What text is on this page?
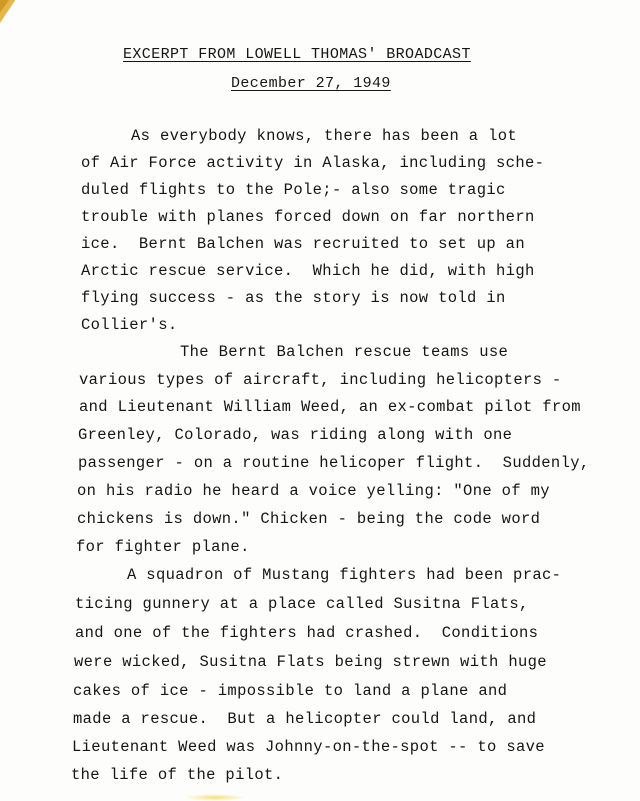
EXCERPT FROM LOWELL THOMAS' BROADCAST
December 27, 1949
As everybody knows, there has been a lot
of Air Force activity in Alaska, including sche-
duled flights to the Pole;- also some tragic
trouble with planes forced down on far northern
ice.  Bernt Balchen was recruited to set up an
Arctic rescue service.  Which he did, with high
flying success - as the story is now told in
Collier's.
The Bernt Balchen rescue teams use
various types of aircraft, including helicopters -
and Lieutenant William Weed, an ex-combat pilot from
Greenley, Colorado, was riding along with one
passenger - on a routine helicoper flight.  Suddenly,
on his radio he heard a voice yelling: "One of my
chickens is down." Chicken - being the code word
for fighter plane.
A squadron of Mustang fighters had been prac-
ticing gunnery at a place called Susitna Flats,
and one of the fighters had crashed.  Conditions
were wicked, Susitna Flats being strewn with huge
cakes of ice - impossible to land a plane and
made a rescue.  But a helicopter could land, and
Lieutenant Weed was Johnny-on-the-spot -- to save
the life of the pilot.
